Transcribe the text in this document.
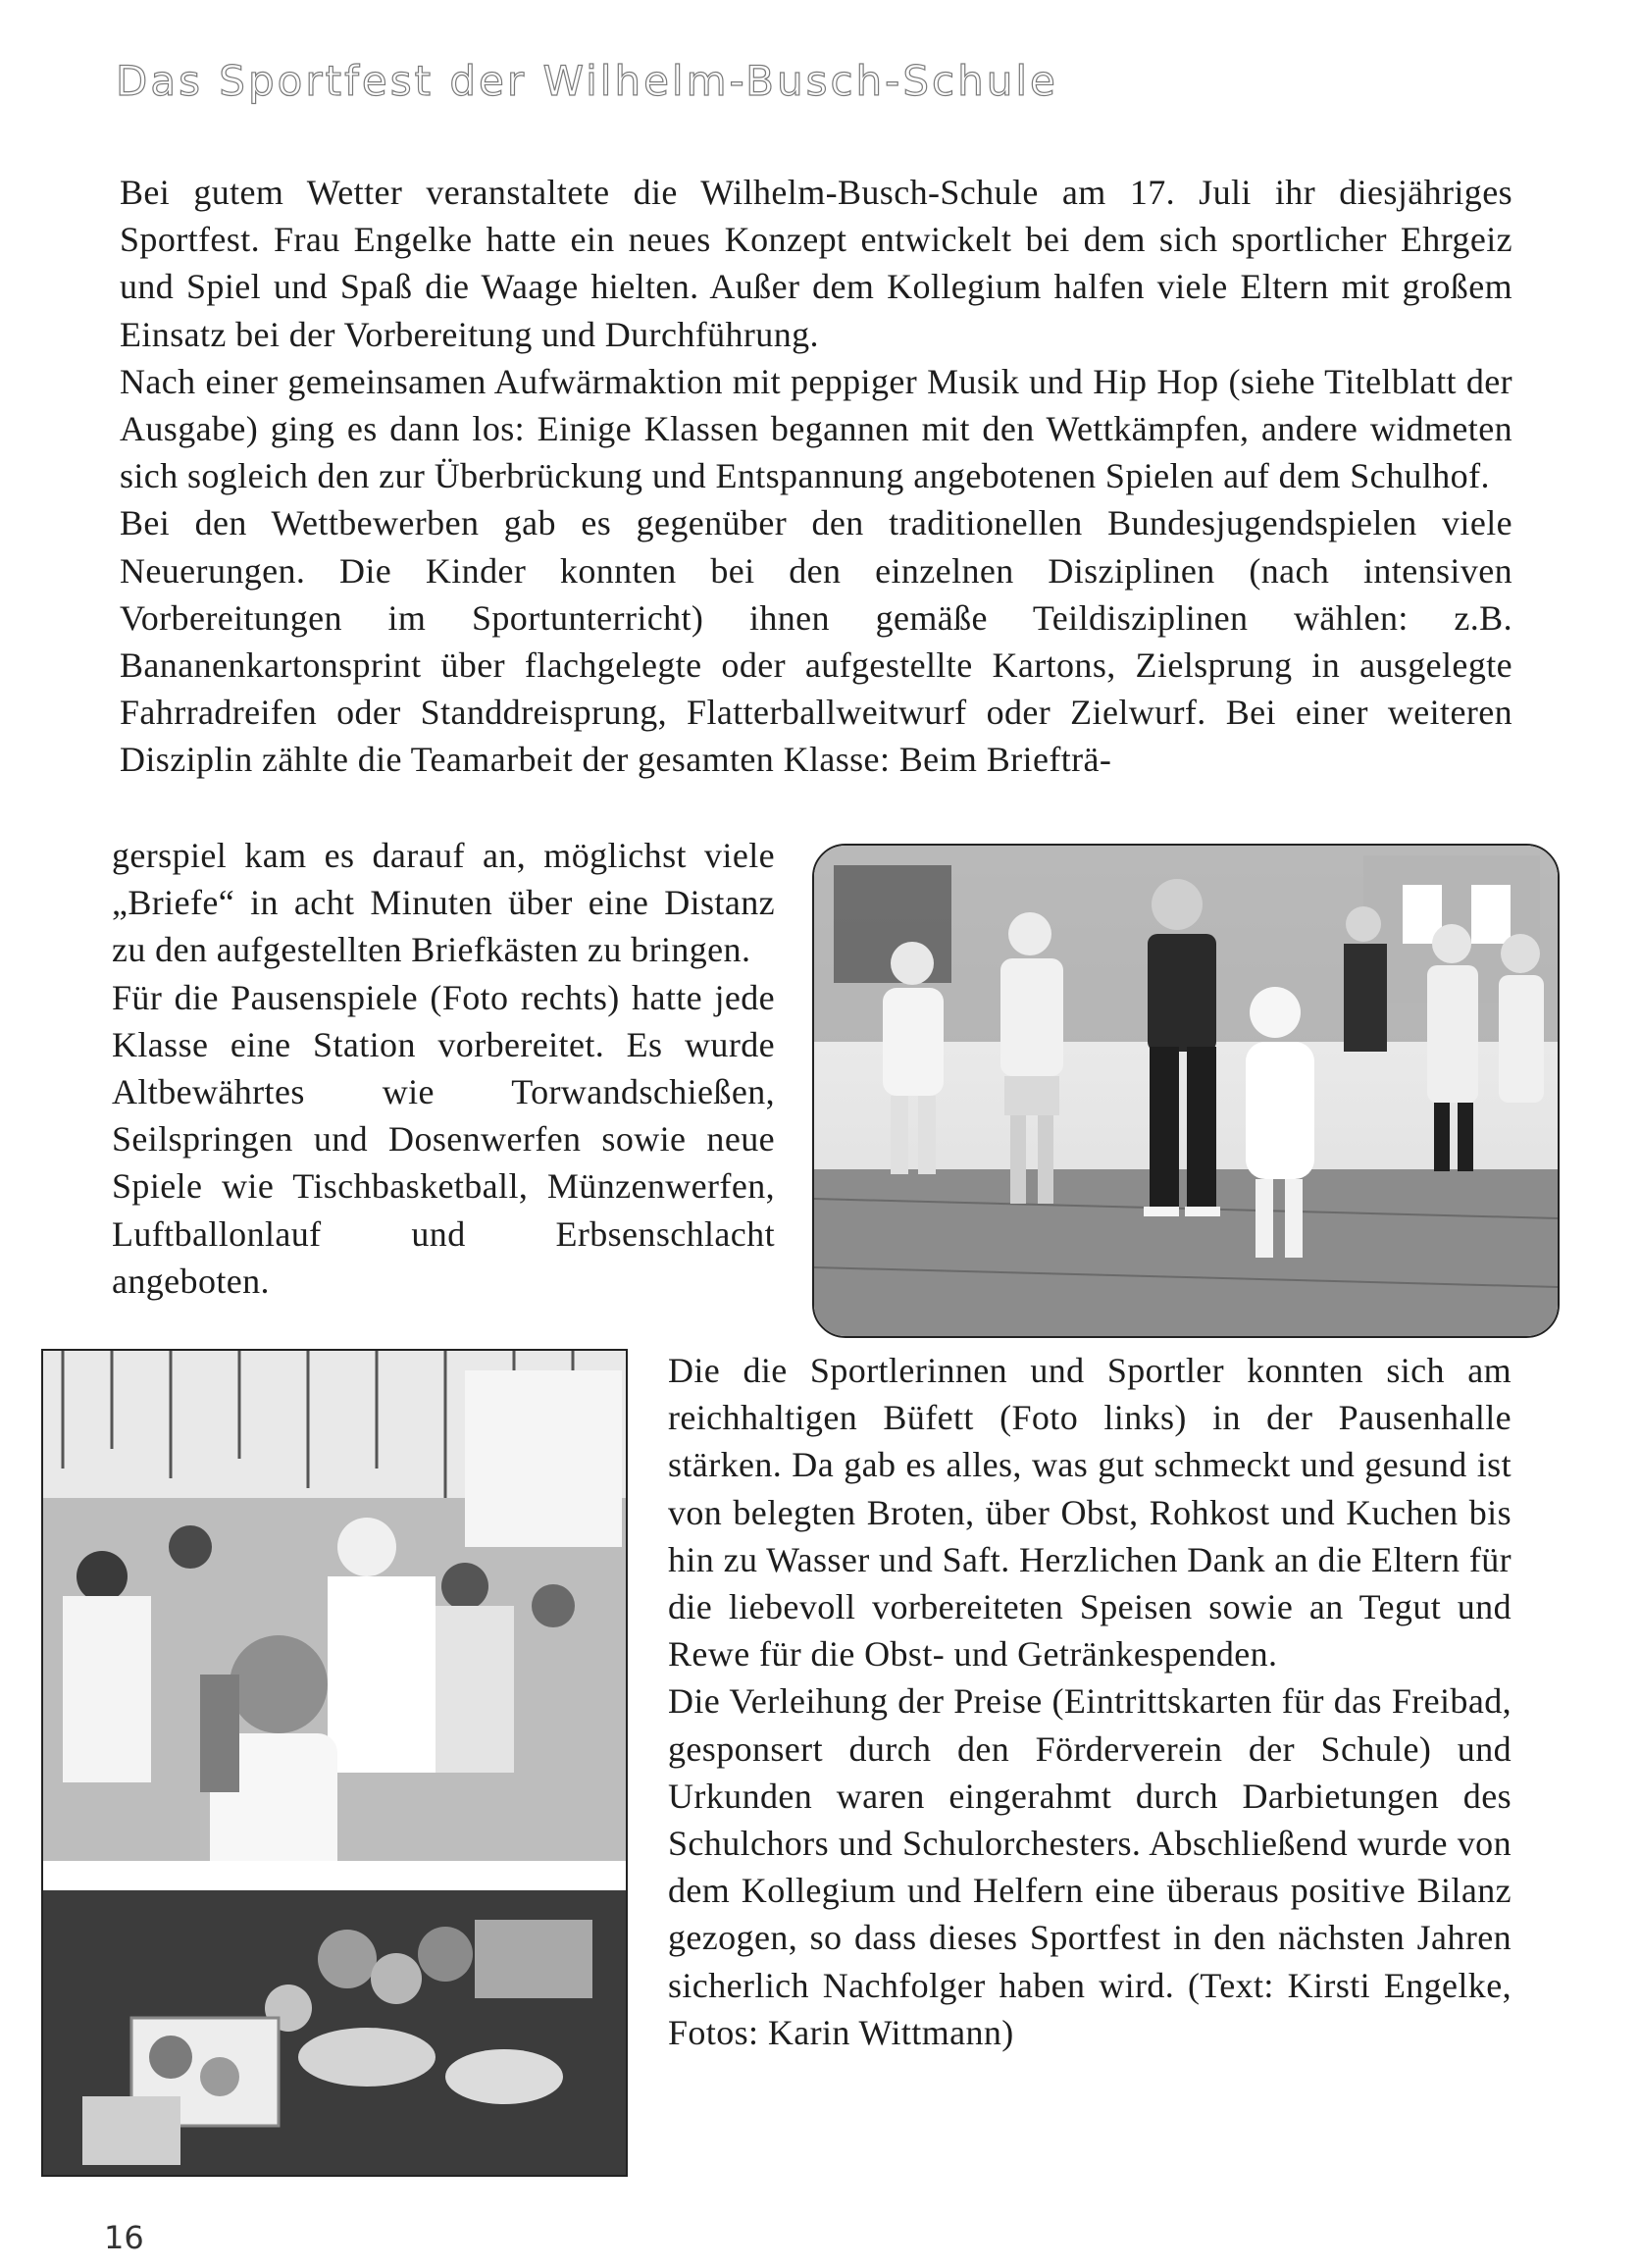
Das Sportfest der Wilhelm-Busch-Schule
Bei gutem Wetter veranstaltete die Wilhelm-Busch-Schule am 17. Juli ihr diesjähriges Sportfest. Frau Engelke hatte ein neues Konzept entwickelt bei dem sich sportlicher Ehrgeiz und Spiel und Spaß die Waage hielten. Außer dem Kollegium halfen viele Eltern mit großem Einsatz bei der Vorbereitung und Durchführung.
Nach einer gemeinsamen Aufwärmaktion mit peppiger Musik und Hip Hop (siehe Titelblatt der Ausgabe) ging es dann los: Einige Klassen begannen mit den Wettkämpfen, andere widmeten sich sogleich den zur Überbrückung und Entspannung angebotenen Spielen auf dem Schulhof.
Bei den Wettbewerben gab es gegenüber den traditionellen Bundesjugendspielen viele Neuerungen. Die Kinder konnten bei den einzelnen Disziplinen (nach intensiven Vorbereitungen im Sportunterricht) ihnen gemäße Teildisziplinen wählen: z.B. Bananenkartonsprint über flachgelegte oder aufgestellte Kartons, Zielsprung in ausgelegte Fahrradreifen oder Standdreisprung, Flatterballweitwurf oder Zielwurf. Bei einer weiteren Disziplin zählte die Teamarbeit der gesamten Klasse: Beim Briefträ-
gerspiel kam es darauf an, möglichst viele „Briefe“ in acht Minuten über eine Distanz zu den aufgestellten Briefkästen zu bringen.
Für die Pausenspiele (Foto rechts) hatte jede Klasse eine Station vorbereitet. Es wurde Altbewährtes wie Torwandschießen, Seilspringen und Dosenwerfen sowie neue Spiele wie Tischbasketball, Münzenwerfen, Luftballonlauf und Erbsenschlacht angeboten.
Die die Sportlerinnen und Sportler konnten sich am reichhaltigen Büfett (Foto links) in der Pausenhalle stärken. Da gab es alles, was gut schmeckt und gesund ist von belegten Broten, über Obst, Rohkost und Kuchen bis hin zu Wasser und Saft. Herzlichen Dank an die Eltern für die liebevoll vorbereiteten Speisen sowie an Tegut und Rewe für die Obst- und Getränkespenden.
Die Verleihung der Preise (Eintrittskarten für das Freibad, gesponsert durch den Förderverein der Schule) und Urkunden waren eingerahmt durch Darbietungen des Schulchors und Schulorchesters. Abschließend wurde von dem Kollegium und Helfern eine überaus positive Bilanz gezogen, so dass dieses Sportfest in den nächsten Jahren sicherlich Nachfolger haben wird. (Text: Kirsti Engelke, Fotos: Karin Wittmann)
16
